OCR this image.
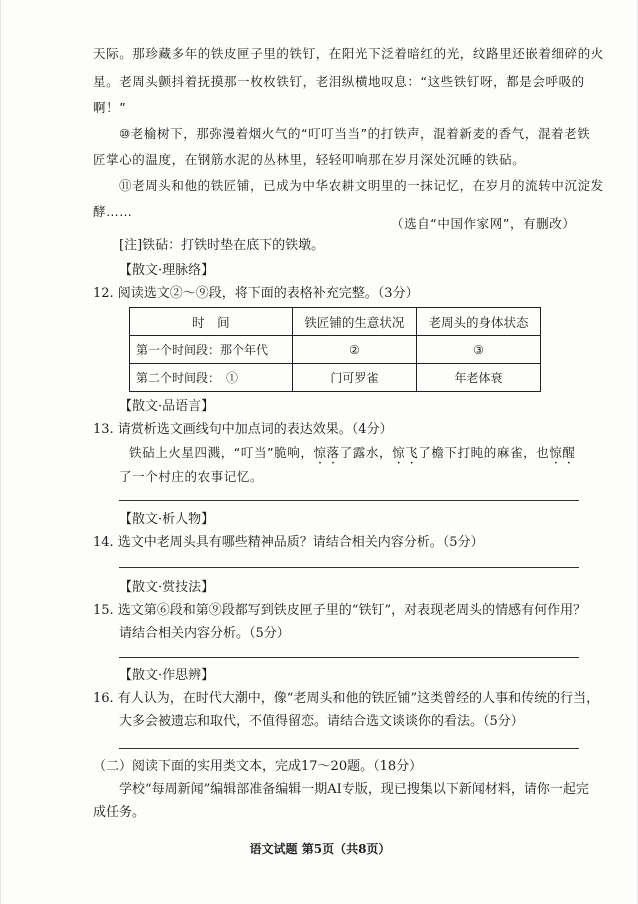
天际。那珍藏多年的铁皮匣子里的铁钉，在阳光下泛着暗红的光，纹路里还嵌着细碎的火
星。老周头颤抖着抚摸那一枚枚铁钉，老泪纵横地叹息：“这些铁钉呀，都是会呼吸的
啊！”
⑩老榆树下，那弥漫着烟火气的“叮叮当当”的打铁声，混着新麦的香气，混着老铁
匠掌心的温度，在钢筋水泥的丛林里，轻轻叩响那在岁月深处沉睡的铁砧。
⑪老周头和他的铁匠铺，已成为中华农耕文明里的一抹记忆，在岁月的流转中沉淀发
酵……
（选自“中国作家网”，有删改）
[注]铁砧：打铁时垫在底下的铁墩。
【散文·理脉络】
12. 阅读选文②～⑨段，将下面的表格补充完整。（3分）
时　间	铁匠铺的生意状况	老周头的身体状态
第一个时间段：那个年代	②	③
第二个时间段：　①	门可罗雀	年老体衰
【散文·品语言】
13. 请赏析选文画线句中加点词的表达效果。（4分）
铁砧上火星四溅，“叮当”脆响，惊落了露水，惊飞了檐下打盹的麻雀，也惊醒
了一个村庄的农事记忆。
【散文·析人物】
14. 选文中老周头具有哪些精神品质？请结合相关内容分析。（5分）
【散文·赏技法】
15. 选文第⑥段和第⑨段都写到铁皮匣子里的“铁钉”，对表现老周头的情感有何作用？
请结合相关内容分析。（5分）
【散文·作思辨】
16. 有人认为，在时代大潮中，像“老周头和他的铁匠铺”这类曾经的人事和传统的行当，
大多会被遗忘和取代，不值得留恋。请结合选文谈谈你的看法。（5分）
（二）阅读下面的实用类文本，完成17～20题。（18分）
学校“每周新闻”编辑部准备编辑一期AI专版，现已搜集以下新闻材料，请你一起完
成任务。
语文试题 第5页（共8页）
